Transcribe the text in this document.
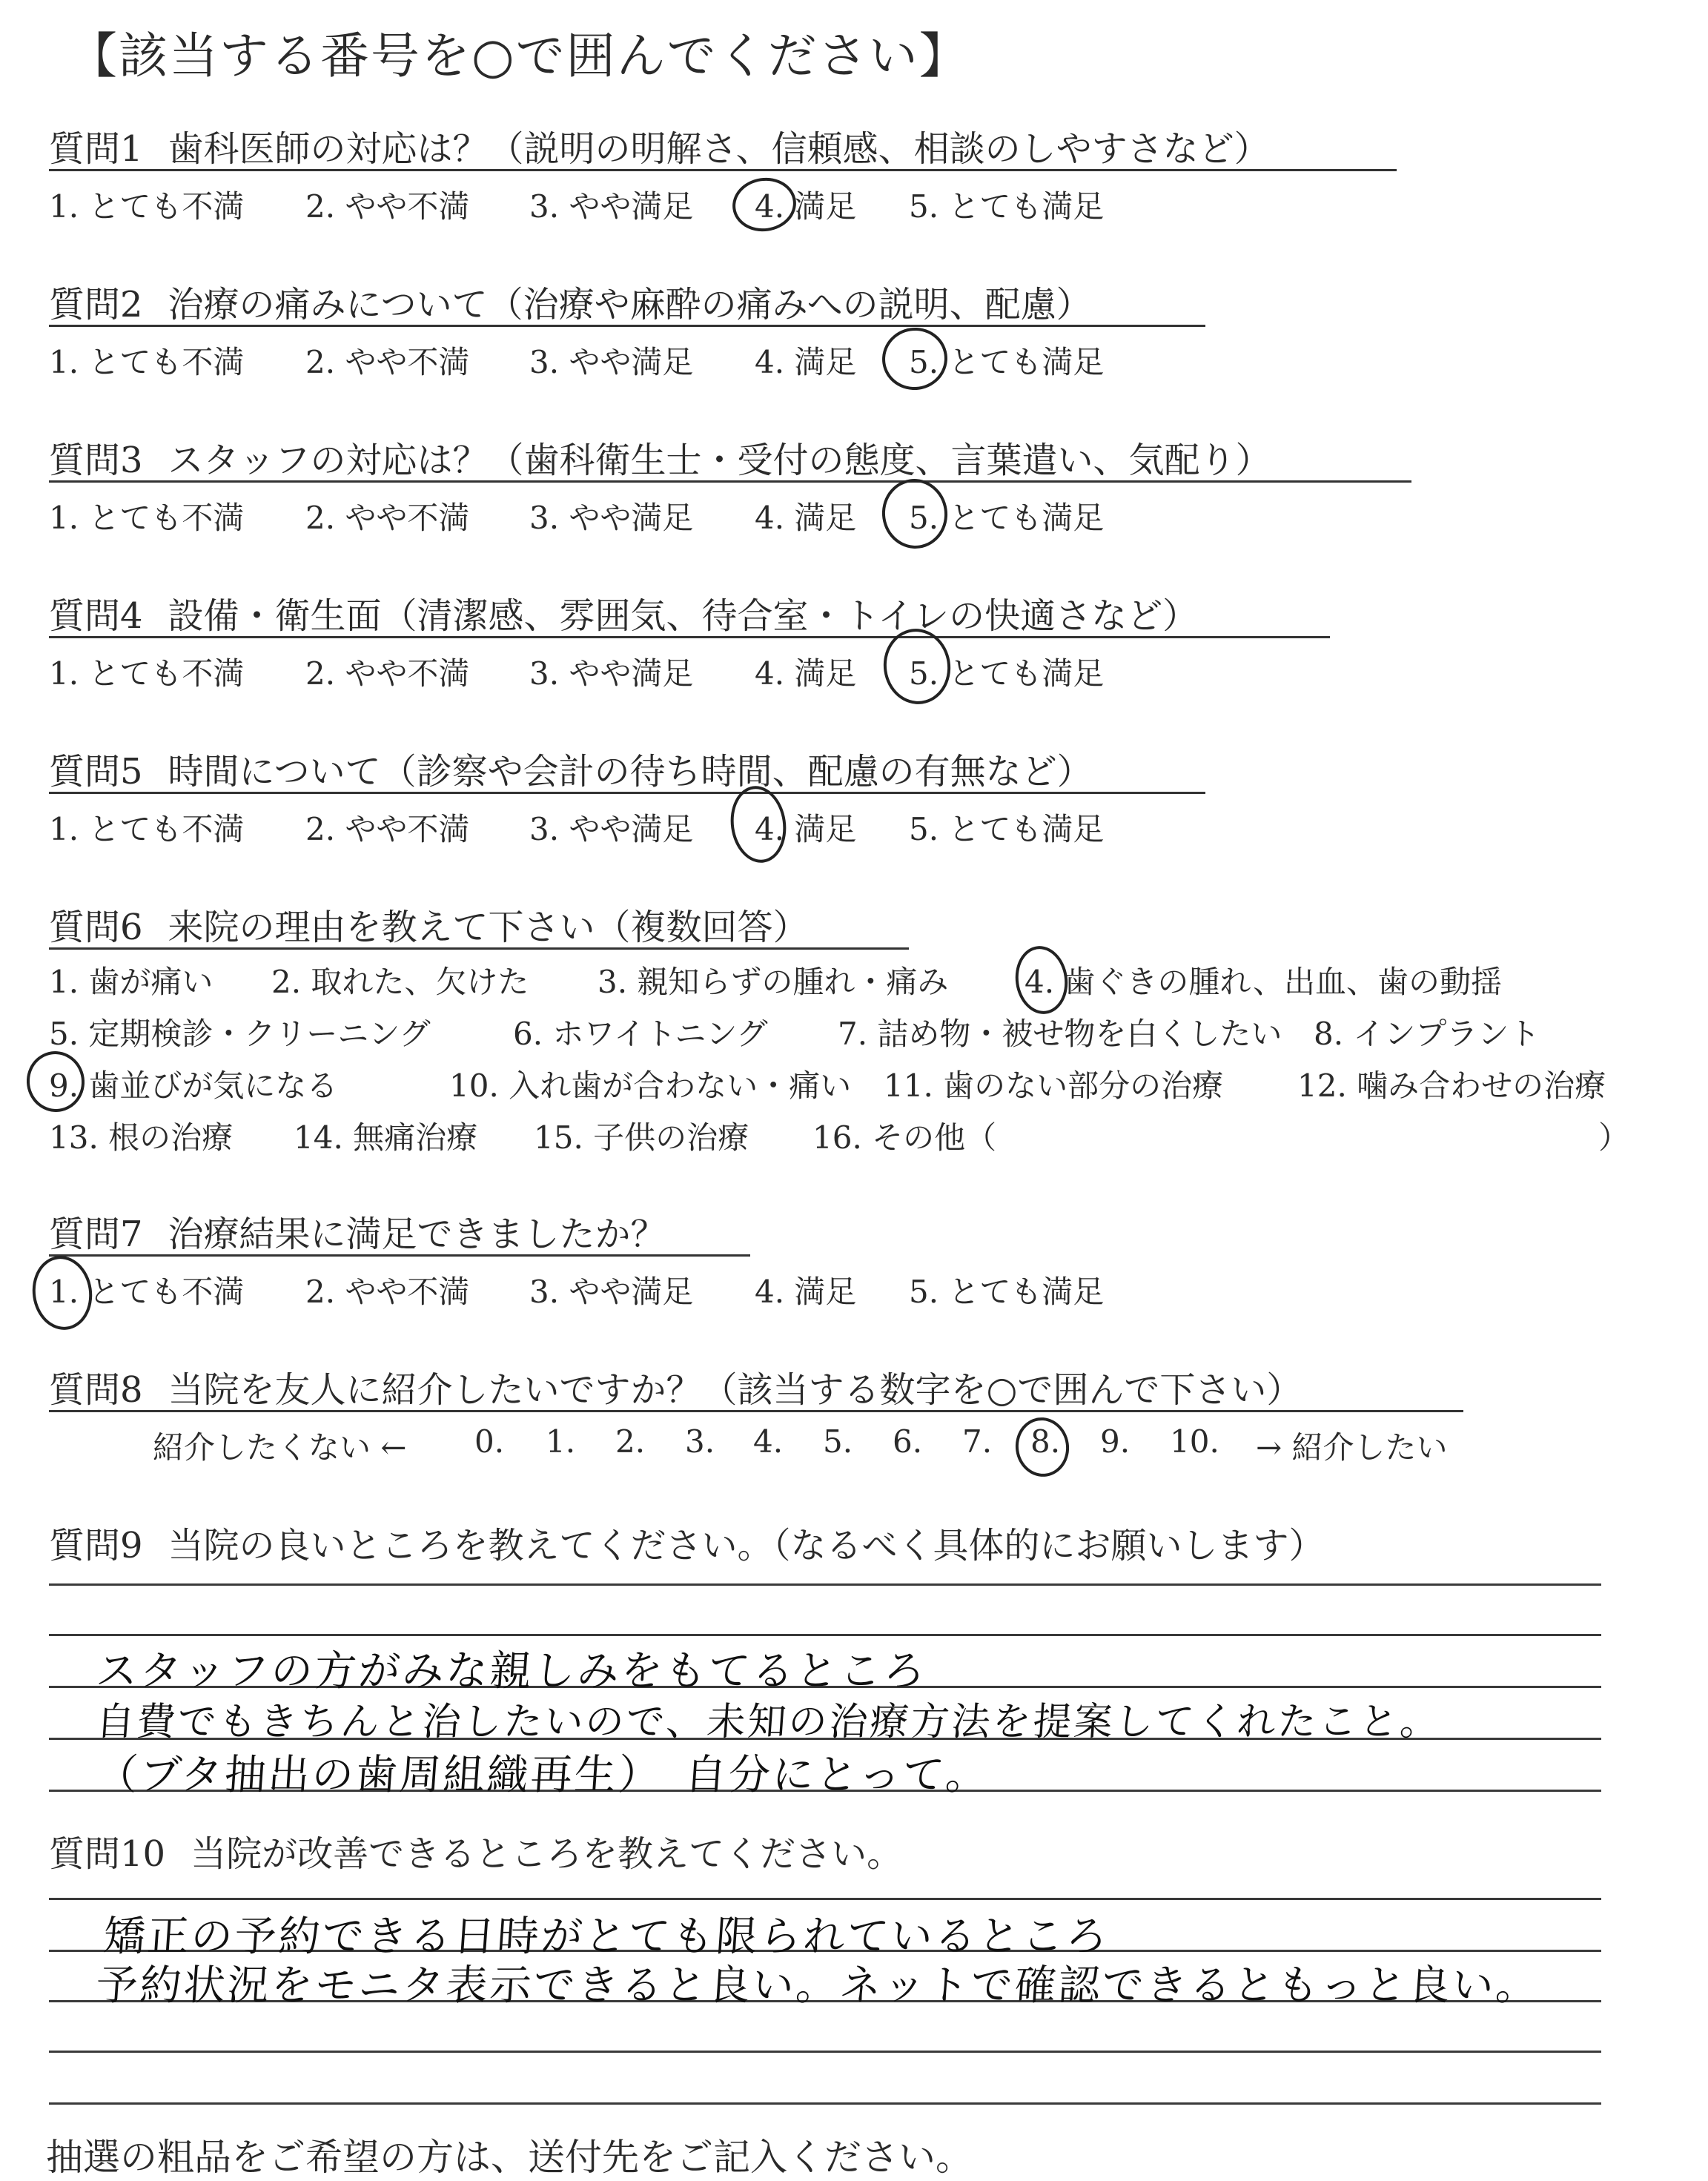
【該当する番号を○で囲んでください】
質問1 歯科医師の対応は？（説明の明解さ、信頼感、相談のしやすさなど）
1. とても不満 2. やや不満 3. やや満足 4. 満足 5. とても満足
質問2 治療の痛みについて（治療や麻酔の痛みへの説明、配慮）
1. とても不満 2. やや不満 3. やや満足 4. 満足 5. とても満足
質問3 スタッフの対応は？（歯科衛生士・受付の態度、言葉遣い、気配り）
1. とても不満 2. やや不満 3. やや満足 4. 満足 5. とても満足
質問4 設備・衛生面（清潔感、雰囲気、待合室・トイレの快適さなど）
1. とても不満 2. やや不満 3. やや満足 4. 満足 5. とても満足
質問5 時間について（診察や会計の待ち時間、配慮の有無など）
1. とても不満 2. やや不満 3. やや満足 4. 満足 5. とても満足
質問6 来院の理由を教えて下さい（複数回答）
1. 歯が痛い 2. 取れた、欠けた 3. 親知らずの腫れ・痛み 4. 歯ぐきの腫れ、出血、歯の動揺
5. 定期検診・クリーニング	6. ホワイトニング 7. 詰め物・被せ物を白くしたい 8. インプラント
9. 歯並びが気になる	10. 入れ歯が合わない・痛い 11. 歯のない部分の治療 12. 噛み合わせの治療
13. 根の治療 14. 無痛治療 15. 子供の治療 16. その他（	）
質問7 治療結果に満足できましたか？
1. とても不満 2. やや不満 3. やや満足 4. 満足 5. とても満足
質問8 当院を友人に紹介したいですか？（該当する数字を○で囲んで下さい）
紹介したくない ← 0. 1. 2. 3. 4. 5. 6. 7. 8. 9. 10. → 紹介したい
質問9 当院の良いところを教えてください。（なるべく具体的にお願いします）
スタッフの方がみな親しみをもてるところ
自費でもきちんと治したいので、未知の治療方法を提案してくれたこと。
（ブタ抽出の歯周組織再生）　自分にとって。
質問10 当院が改善できるところを教えてください。
矯正の予約できる日時がとても限られているところ
予約状況をモニタ表示できると良い。ネットで確認できるともっと良い。
抽選の粗品をご希望の方は、送付先をご記入ください。
